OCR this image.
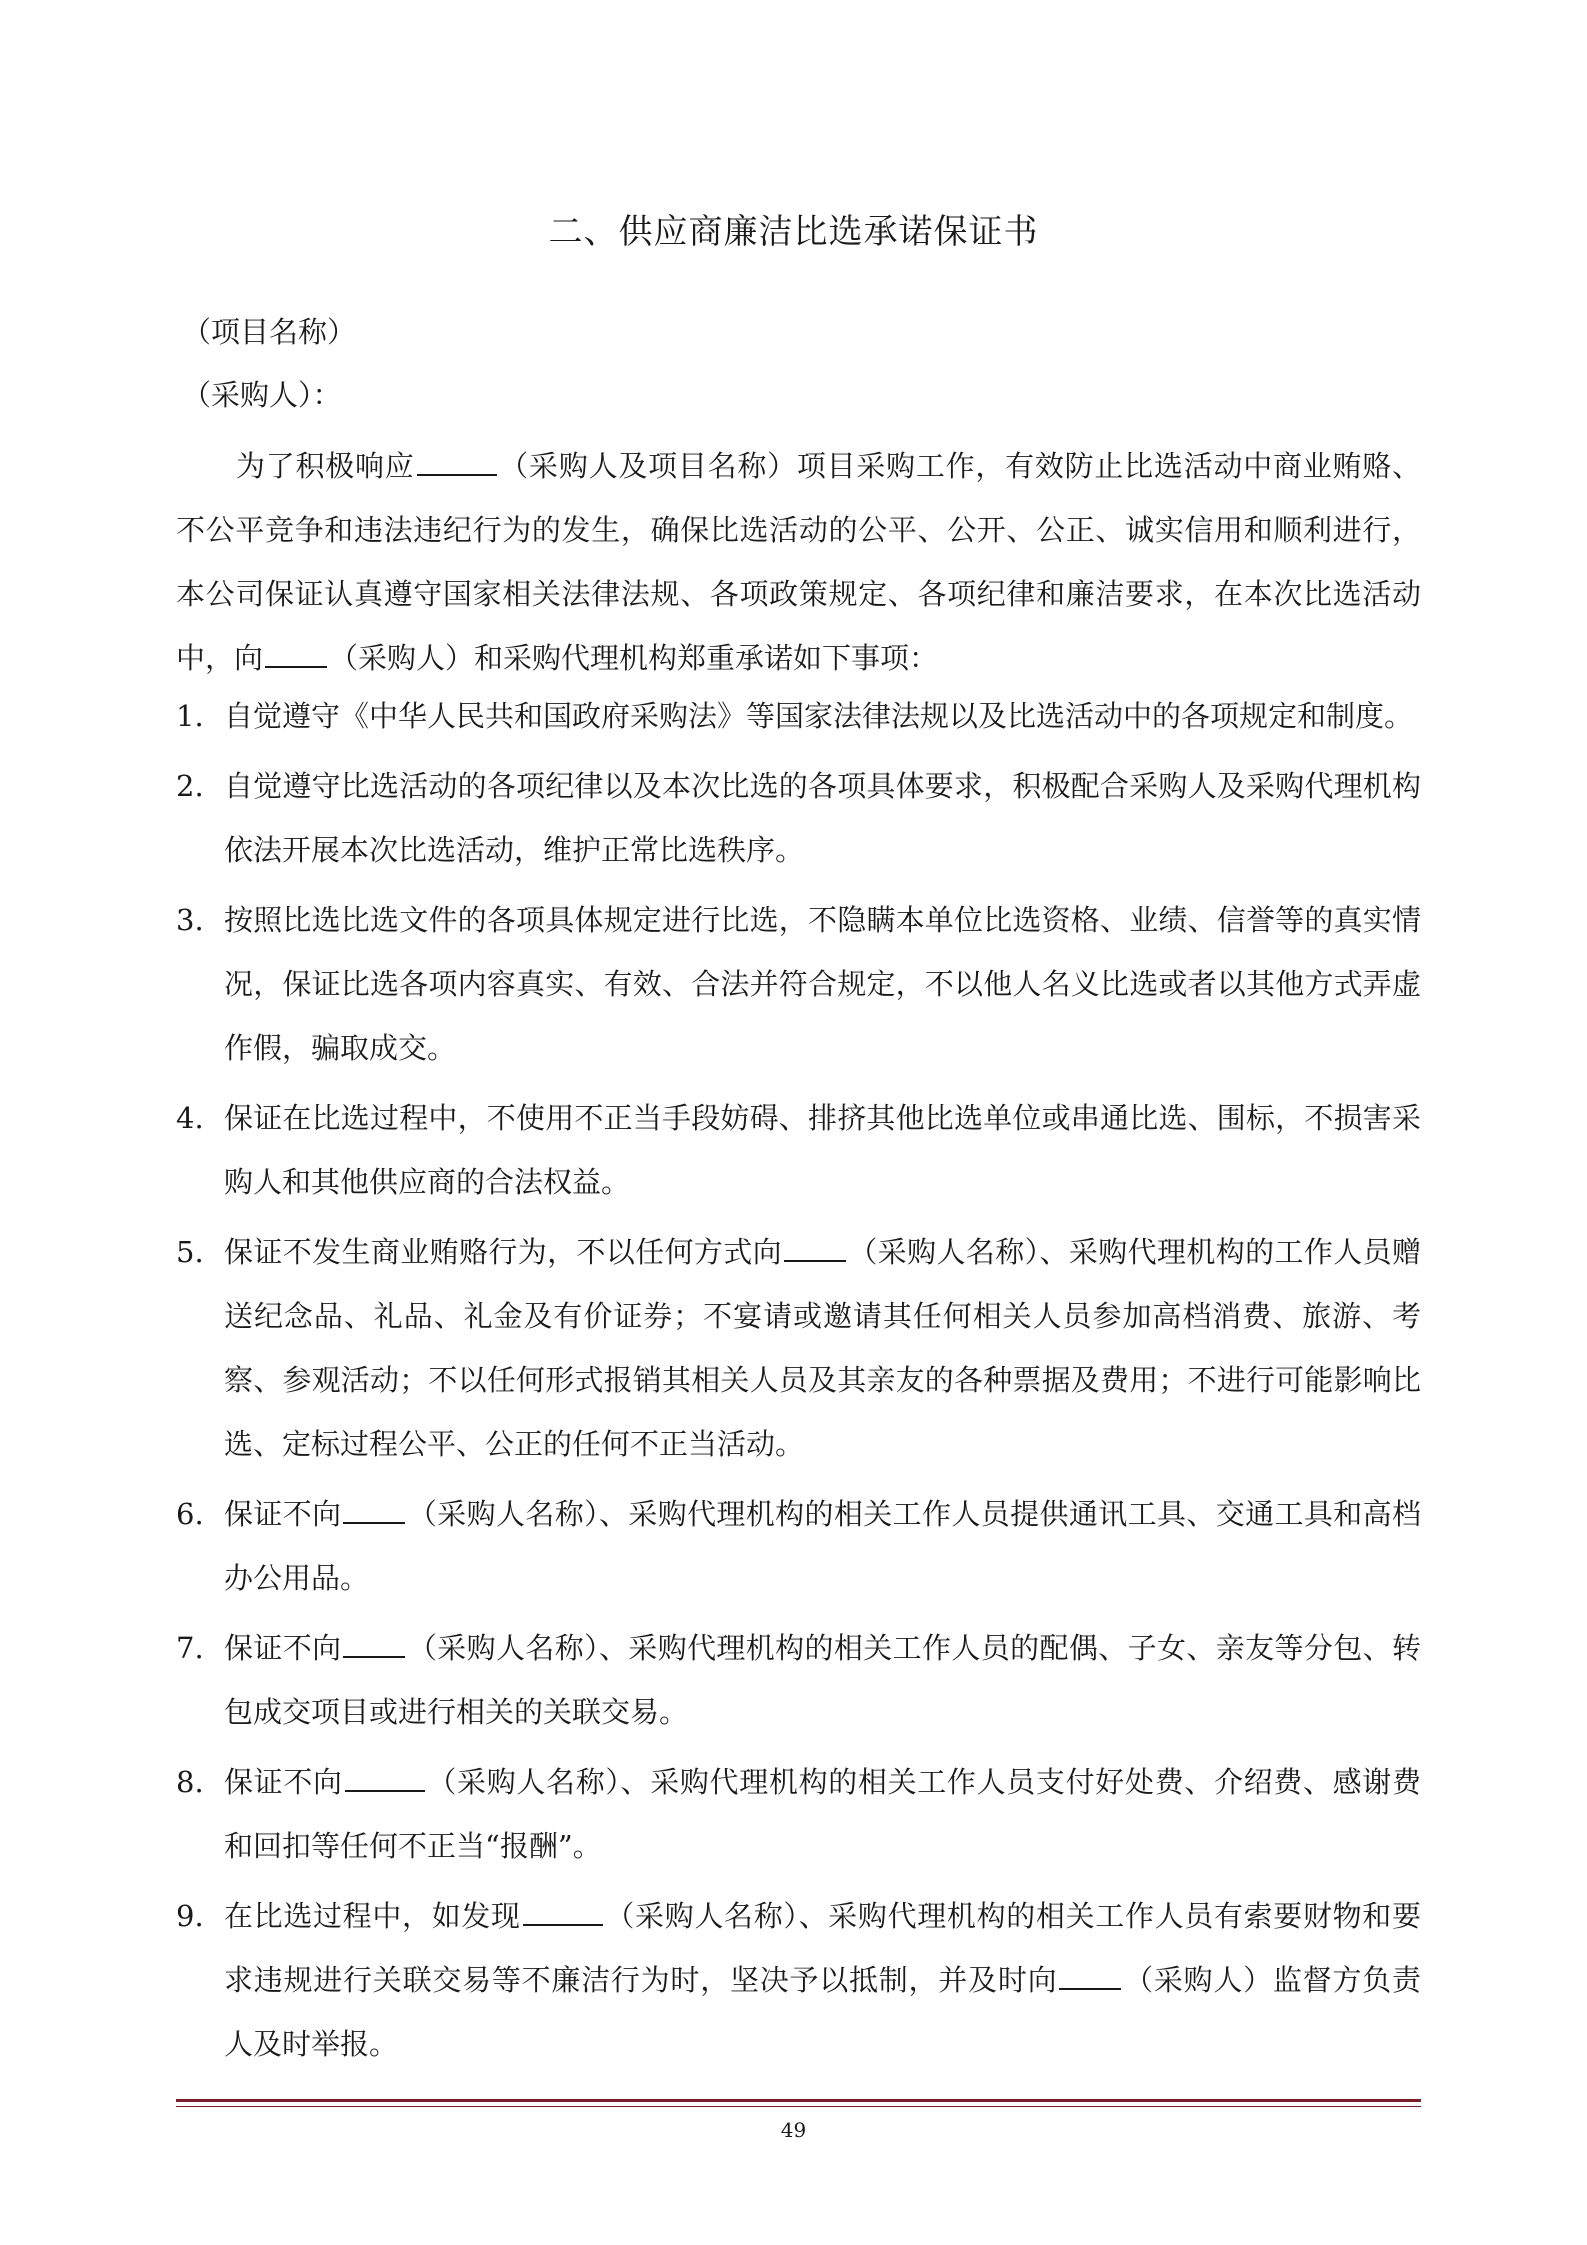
二、供应商廉洁比选承诺保证书
（项目名称）
（采购人）：
为了积极响应	（采购人及项目名称）项目采购工作，有效防止比选活动中商业贿赂、不公平竞争和违法违纪行为的发生，确保比选活动的公平、公开、公正、诚实信用和顺利进行，本公司保证认真遵守国家相关法律法规、各项政策规定、各项纪律和廉洁要求，在本次比选活动中，向 （采购人）和采购代理机构郑重承诺如下事项：
1. 自觉遵守《中华人民共和国政府采购法》等国家法律法规以及比选活动中的各项规定和制度。
2. 自觉遵守比选活动的各项纪律以及本次比选的各项具体要求，积极配合采购人及采购代理机构依法开展本次比选活动，维护正常比选秩序。
3. 按照比选比选文件的各项具体规定进行比选，不隐瞒本单位比选资格、业绩、信誉等的真实情况，保证比选各项内容真实、有效、合法并符合规定，不以他人名义比选或者以其他方式弄虚作假，骗取成交。
4. 保证在比选过程中，不使用不正当手段妨碍、排挤其他比选单位或串通比选、围标，不损害采购人和其他供应商的合法权益。
5. 保证不发生商业贿赂行为，不以任何方式向 （采购人名称）、采购代理机构的工作人员赠送纪念品、礼品、礼金及有价证券；不宴请或邀请其任何相关人员参加高档消费、旅游、考察、参观活动；不以任何形式报销其相关人员及其亲友的各种票据及费用；不进行可能影响比选、定标过程公平、公正的任何不正当活动。
6. 保证不向 （采购人名称）、采购代理机构的相关工作人员提供通讯工具、交通工具和高档办公用品。
7. 保证不向 （采购人名称）、采购代理机构的相关工作人员的配偶、子女、亲友等分包、转包成交项目或进行相关的关联交易。
8. 保证不向	（采购人名称）、采购代理机构的相关工作人员支付好处费、介绍费、感谢费和回扣等任何不正当“报酬”。
9. 在比选过程中，如发现	（采购人名称）、采购代理机构的相关工作人员有索要财物和要求违规进行关联交易等不廉洁行为时，坚决予以抵制，并及时向 （采购人）监督方负责人及时举报。
49
